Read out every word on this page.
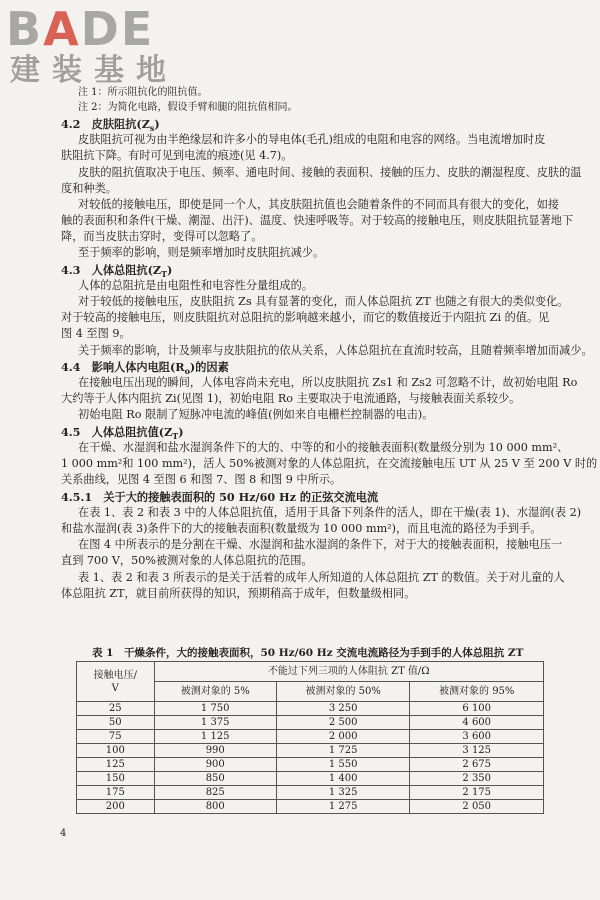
BADE
建装基地
注 1：所示阻抗化的阻抗值。
注 2：为简化电路，假设手臂和腿的阻抗值相同。
4.2　皮肤阻抗$(Z_s)$
皮肤阻抗可视为由半绝缘层和许多小的导电体(毛孔)组成的电阻和电容的网络。当电流增加时皮
肤阻抗下降。有时可见到电流的痕迹(见 4.7)。
皮肤的阻抗值取决于电压、频率、通电时间、接触的表面积、接触的压力、皮肤的潮湿程度、皮肤的温
度和种类。
对较低的接触电压，即使是同一个人，其皮肤阻抗值也会随着条件的不同而具有很大的变化，如接
触的表面积和条件(干燥、潮湿、出汗)、温度、快速呼吸等。对于较高的接触电压，则皮肤阻抗显著地下
降，而当皮肤击穿时，变得可以忽略了。
至于频率的影响，则是频率增加时皮肤阻抗减少。
4.3　人体总阻抗$(Z_T)$
人体的总阻抗是由电阻性和电容性分量组成的。
对于较低的接触电压，皮肤阻抗 Zs 具有显著的变化，而人体总阻抗 ZT 也随之有很大的类似变化。
对于较高的接触电压，则皮肤阻抗对总阻抗的影响越来越小，而它的数值接近于内阻抗 Zi 的值。见
图 4 至图 9。
关于频率的影响，计及频率与皮肤阻抗的依从关系，人体总阻抗在直流时较高，且随着频率增加而减少。
4.4　影响人体内电阻$(R_o)$的因素
在接触电压出现的瞬间，人体电容尚未充电，所以皮肤阻抗 Zs1 和 Zs2 可忽略不计，故初始电阻 Ro
大约等于人体内阻抗 Zi(见图 1)，初始电阻 Ro 主要取决于电流通路，与接触表面关系较少。
初始电阻 Ro 限制了短脉冲电流的峰值(例如来自电栅栏控制器的电击)。
4.5　人体总阻抗值$(Z_T)$
在干燥、水湿润和盐水湿润条件下的大的、中等的和小的接触表面积(数量级分别为 10 000 mm²、
1 000 mm²和 100 mm²)，活人 50%被测对象的人体总阻抗，在交流接触电压 UT 从 25 V 至 200 V 时的
关系曲线，见图 4 至图 6 和图 7、图 8 和图 9 中所示。
4.5.1　关于大的接触表面积的 50 Hz/60 Hz 的正弦交流电流
在表 1、表 2 和表 3 中的人体总阻抗值，适用于具备下列条件的活人，即在干燥(表 1)、水湿润(表 2)
和盐水湿润(表 3)条件下的大的接触表面积(数量级为 10 000 mm²)，而且电流的路径为手到手。
在图 4 中所表示的是分割在干燥、水湿润和盐水湿润的条件下，对于大的接触表面积，接触电压一
直到 700 V，50%被测对象的人体总阻抗的范围。
表 1、表 2 和表 3 所表示的是关于活着的成年人所知道的人体总阻抗 ZT 的数值。关于对儿童的人
体总阻抗 ZT，就目前所获得的知识，预期稍高于成年，但数量级相同。
表 1　干燥条件，大的接触表面积，50 Hz/60 Hz 交流电流路径为手到手的人体总阻抗 ZT
接触电压/
V	不能过下列三项的人体阻抗 ZT 值/Ω		
	被测对象的 5%	被测对象的 50%	被测对象的 95%
25	1 750	3 250	6 100
50	1 375	2 500	4 600
75	1 125	2 000	3 600
100	990	1 725	3 125
125	900	1 550	2 675
150	850	1 400	2 350
175	825	1 325	2 175
200	800	1 275	2 050
4
